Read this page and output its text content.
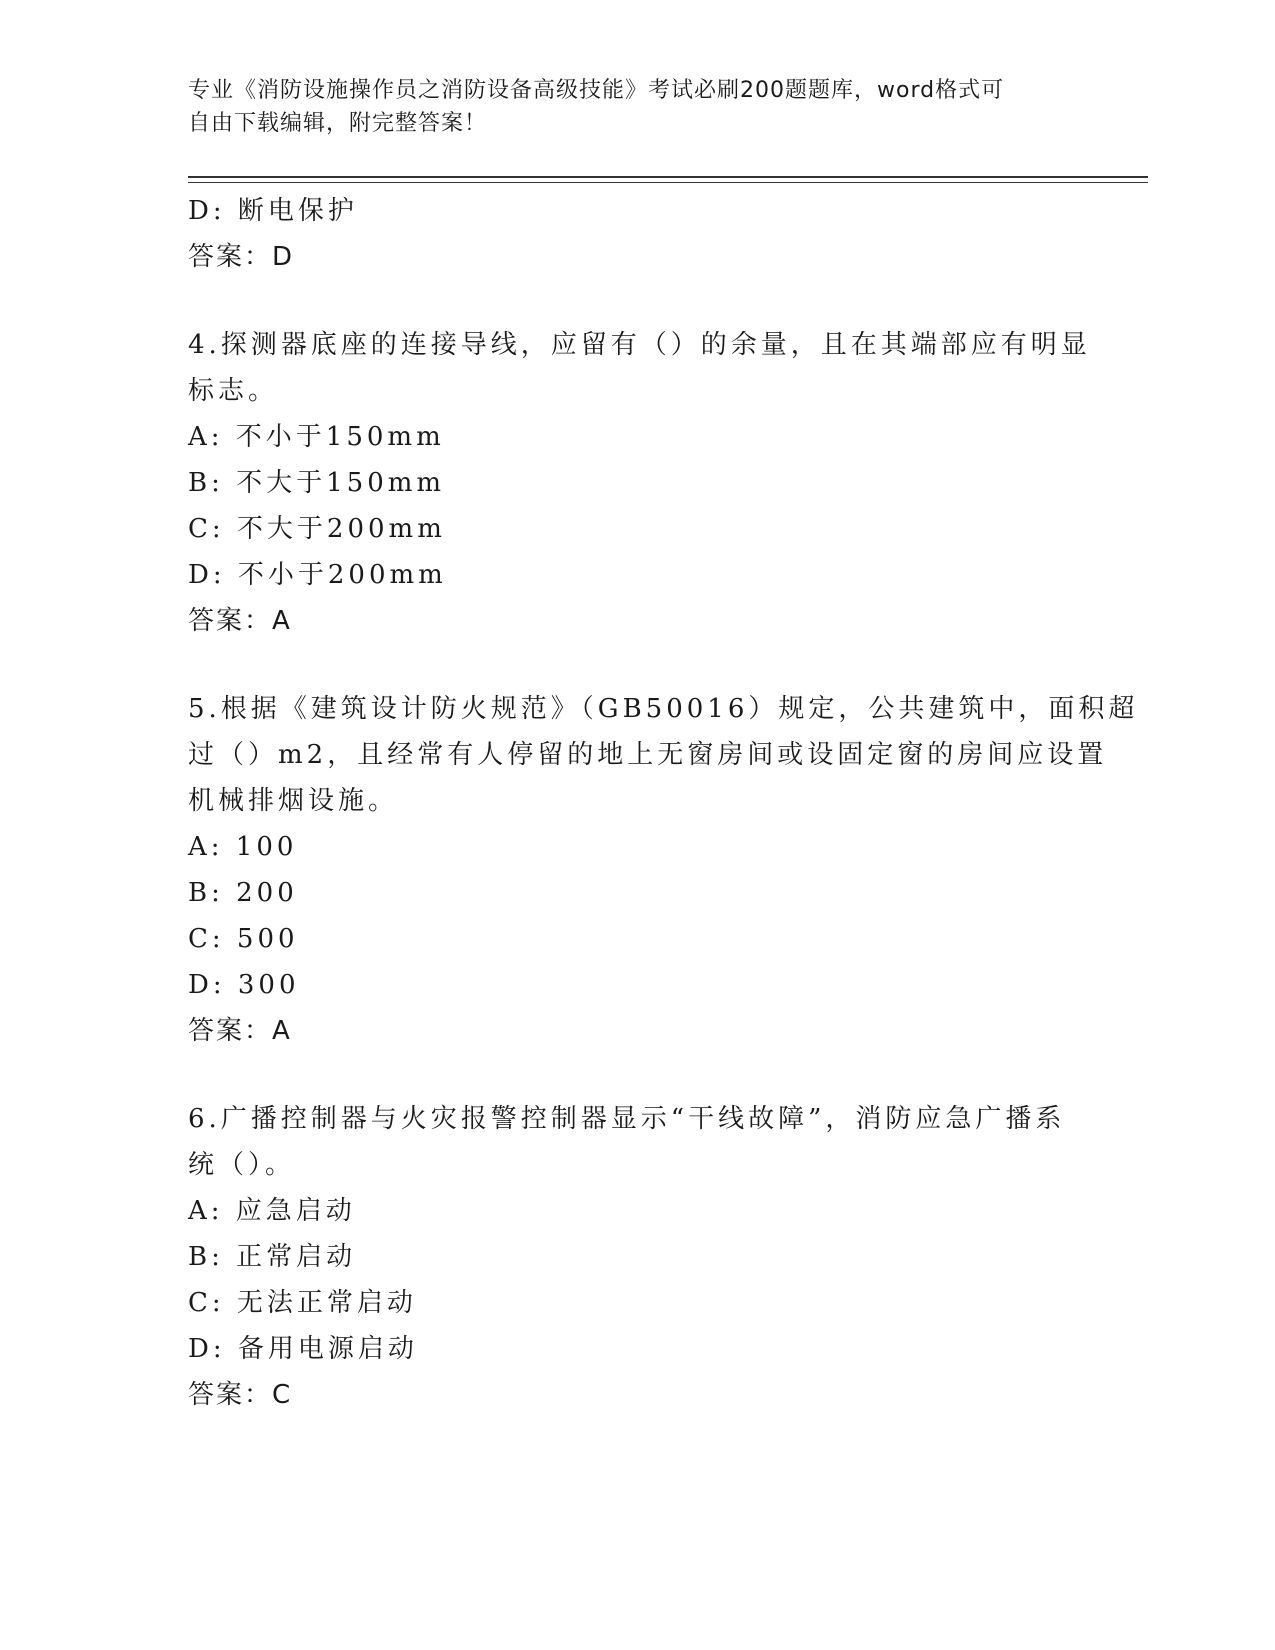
专业《消防设施操作员之消防设备高级技能》考试必刷200题题库，word格式可
自由下载编辑，附完整答案！
D: 断电保护
答案：D
4.探测器底座的连接导线，应留有（）的余量，且在其端部应有明显
标志。
A: 不小于150mm
B: 不大于150mm
C: 不大于200mm
D: 不小于200mm
答案：A
5.根据《建筑设计防火规范》（GB50016）规定，公共建筑中，面积超
过（）m2，且经常有人停留的地上无窗房间或设固定窗的房间应设置
机械排烟设施。
A: 100
B: 200
C: 500
D: 300
答案：A
6.广播控制器与火灾报警控制器显示“干线故障”，消防应急广播系
统（）。
A: 应急启动
B: 正常启动
C: 无法正常启动
D: 备用电源启动
答案：C
